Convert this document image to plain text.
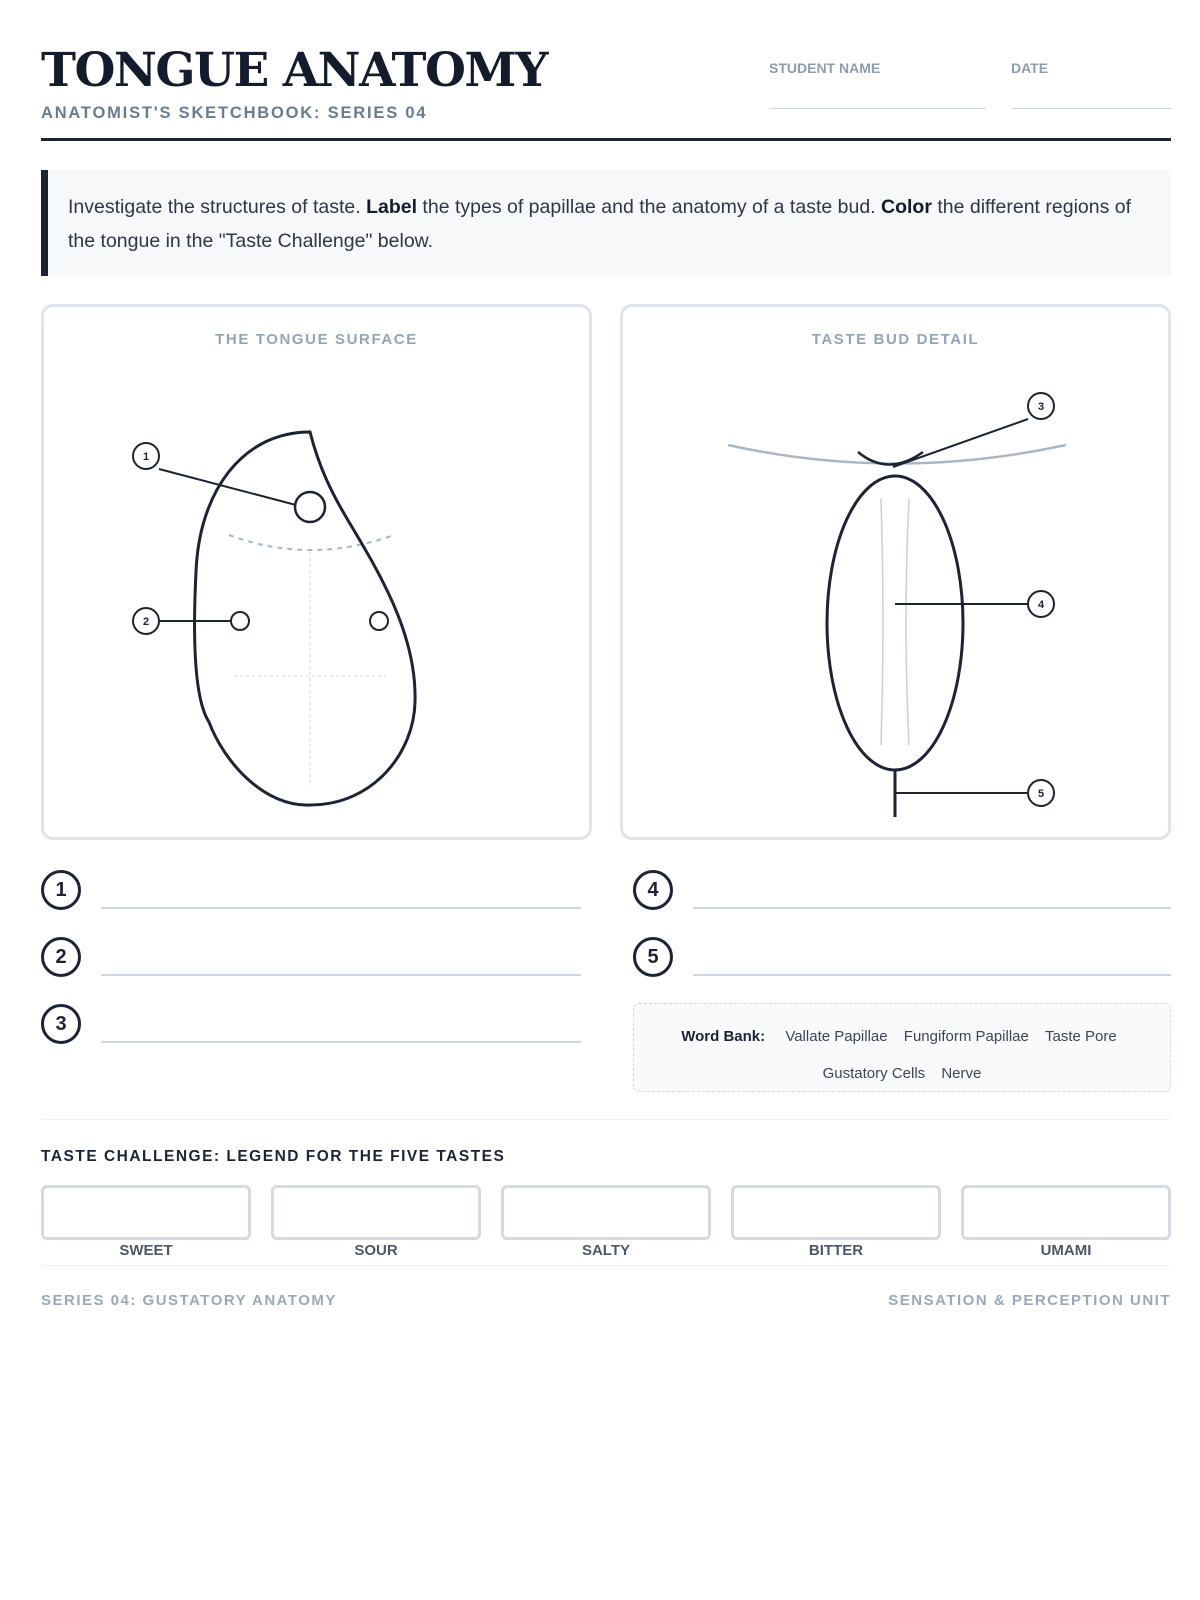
TONGUE ANATOMY
ANATOMIST'S SKETCHBOOK: SERIES 04
STUDENT NAME	DATE
Investigate the structures of taste. Label the types of papillae and the anatomy of a taste bud. Color the different regions of the tongue in the "Taste Challenge" below.
THE TONGUE SURFACE
1
2
TASTE BUD DETAIL
3
4
5
1
2
3
4
5
Word Bank: Vallate Papillae Fungiform Papillae Taste Pore Gustatory Cells Nerve
TASTE CHALLENGE: LEGEND FOR THE FIVE TASTES
SWEET	SOUR	SALTY	BITTER	UMAMI
SERIES 04: GUSTATORY ANATOMY	SENSATION & PERCEPTION UNIT
